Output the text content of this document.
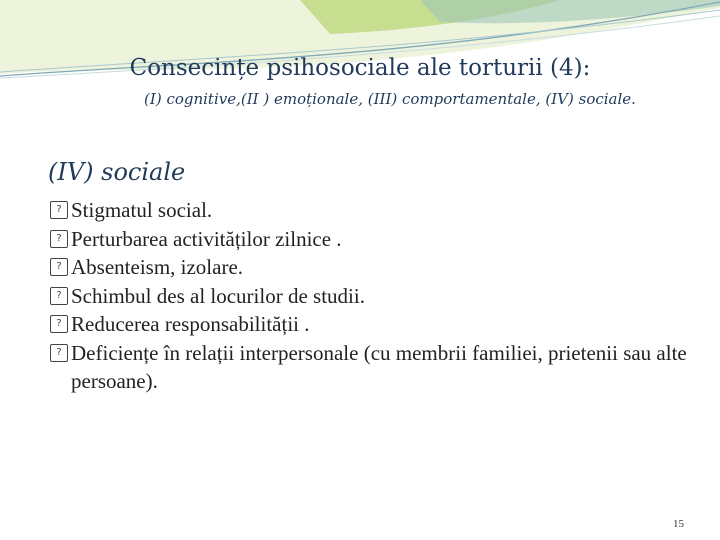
Consecințe psihosociale ale torturii (4):
(I) cognitive,(II ) emoționale, (III) comportamentale, (IV) sociale.
(IV) sociale
? Stigmatul social.
? Perturbarea activităților zilnice .
? Absenteism, izolare.
? Schimbul des al locurilor de studii.
? Reducerea responsabilității .
? Deficiențe în relații interpersonale (cu membrii familiei, prietenii sau alte persoane).
15
